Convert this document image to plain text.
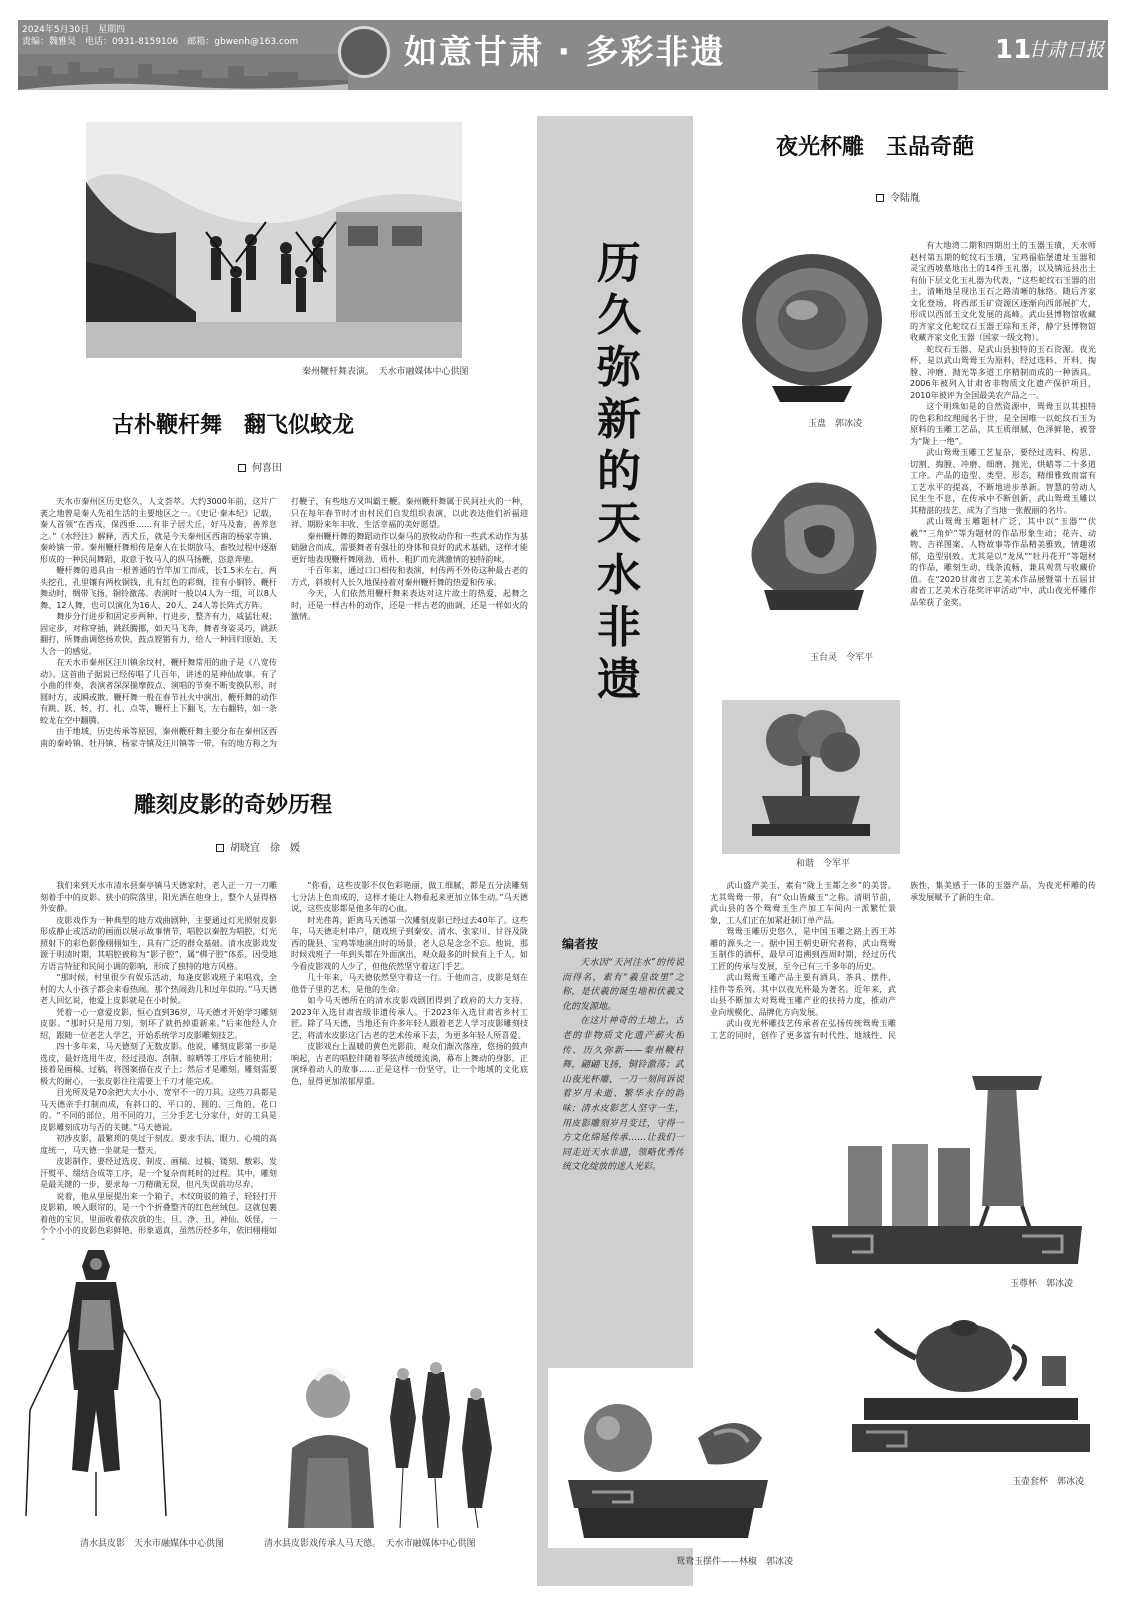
2024年5月30日　星期四
责编：魏雅昊　电话：0931-8159106　邮箱：gbwenh@163.com	如意甘肃 · 多彩非遗	11
甘肃日报
秦州鞭杆舞表演。　天水市融媒体中心供图
古朴鞭杆舞　翻飞似蛟龙
何喜田

天水市秦州区历史悠久，人文荟萃。大约3000年前，这片广袤之地曾是秦人先祖生活的主要地区之一。《史记·秦本纪》记载，秦人首领“在西戎，保西垂……有非子居犬丘，好马及畜，善养息之。”《水经注》解释，西犬丘，就是今天秦州区西南的杨家寺镇、秦岭镇一带。秦州鞭杆舞相传是秦人在长期放马、畜牧过程中逐渐形成的一种民间舞蹈，取意于牧马人的纵马扬鞭，恣意奔驰。

鞭杆舞的道具由一根普通的竹竿加工而成，长1.5米左右，两头挖孔，孔里镶有两枚铜钱，扎有红色的彩绸，挂有小铜铃。鞭杆舞动时，绸带飞扬，铜铃激荡。表演时一般以4人为一组，可以8人舞、12人舞，也可以演化为16人、20人、24人等长阵式方阵。

舞步分行进步和固定步两种。行进步，整齐有力，威猛壮观；固定步，对称穿插，跳跃腾挪，如天马飞奔，舞者身姿灵巧，跳跃翻打，所舞曲调悠扬欢快，鼓点铿锵有力，给人一种回归原始、天人合一的感觉。

在天水市秦州区汪川镇余坟村，鞭杆舞常用的曲子是《八宽传动》。这首曲子据说已经传唱了几百年，讲述的是神仙故事。有了小曲的伴奏，表演者深深揣摩鼓点、演唱的节奏不断变换队形，时圆时方，或瞬或散。鞭杆舞一般在春节社火中演出，鞭杆舞的动作有跳、跃、转、打、扎、点等，鞭杆上下翻飞，左右翻转，如一条蛟龙在空中翻腾。

由于地域、历史传承等原因，秦州鞭杆舞主要分布在秦州区西南的秦岭镇、牡丹镇、杨家寺镇及汪川镇等一带，有的地方称之为打鞭子，有些地方又叫霸王鞭。秦州鞭杆舞属于民间社火的一种，只在每年春节时才由村民们自发组织表演，以此表达他们祈福迎祥、期盼来年丰收、生活幸福的美好愿望。

秦州鞭杆舞的舞蹈动作以秦马的放牧动作和一些武术动作为基础融合而成，需要舞者有强壮的身体和良好的武术基础，这样才能更好地表现鞭杆舞刚劲、质朴、粗犷而充满激情的独特韵味。

千百年来，通过口口相传和表演，村传两不外传这种最古老的方式，斜坡村人长久地保持着对秦州鞭杆舞的热爱和传承。

今天，人们依然用鞭杆舞来表达对这片故土的热爱，起舞之时，还是一样古朴的动作，还是一样古老的曲调，还是一样如火的激情。

雕刻皮影的奇妙历程
胡晓宜　徐　媛

我们来到天水市清水县秦亭镇马天德家时，老人正一刀一刀雕刻着手中的皮影。狭小的院落里，阳光洒在他身上，整个人显得格外安静。

皮影戏作为一种典型的地方戏曲剧种，主要通过灯光照射皮影形成静止或活动的画面以展示故事情节，唱腔以秦腔为唱腔，灯光照射下的彩色影像栩栩如生，具有广泛的群众基础。清水皮影戏发源于明清时期，其唱腔被称为“影子腔”，属“梆子腔”体系，因受地方语言特征和民间小调的影响，形成了独特的地方风格。

“那时候，村里很少有娱乐活动，每逢皮影戏班子来唱戏，全村的大人小孩子都会来看热闹。那个热闹劲儿和过年似的。”马天德老人回忆说，他爱上皮影就是在小时候。

凭着一心一意爱皮影，恒心直到36岁，马天德才开始学习雕刻皮影。“那时只是用刀刻，刻坏了就扔掉重新来。”后来他经人介绍，跟随一位老艺人学艺，开始系统学习皮影雕刻技艺。

四十多年来，马天德刻了无数皮影。他说，雕刻皮影第一步是选皮，最好选用牛皮，经过浸泡、刮制、晾晒等工序后才能使用；接着是画稿、过稿，将图案描在皮子上；然后才是雕刻。雕刻需要极大的耐心，一张皮影往往需要上千刀才能完成。

目光所及是70余把大大小小、宽窄不一的刀具。这些刀具都是马天德亲手打制而成，有斜口的、平口的、圆的、三角的、花口的。“不同的部位，用不同的刀，三分手艺七分家什，好的工具是皮影雕刻成功与否的关键。”马天德说。

初涉皮影，最繁琐的莫过于刻皮。要求手法、眼力、心境的高度统一，马天德一坐就是一整天。

皮影制作，要经过选皮、制皮、画稿、过稿、镂刻、敷彩、发汗熨平、缀结合成等工序，是一个复杂而耗时的过程。其中，雕刻是最关键的一步，要求每一刀精确无误，但凡失误前功尽弃。

说着，他从里屋提出来一个箱子，木纹斑驳的箱子，轻轻打开皮影箱，映入眼帘的，是一个个折叠整齐的红色丝绒包。这就包裹着他的宝贝，里面收着依次放的生、旦、净、丑，神仙、妖怪，一个个小小的皮影色彩鲜艳、形象逼真，虽然历经多年，依旧栩栩如

“你看，这些皮影不仅色彩艳丽、做工细腻，都是五分法雕刻七分法上色而成的，这样才能让人物看起来更加立体生动。”马天德说，这些皮影都是他多年的心血。

时光荏苒，距离马天德第一次雕刻皮影已经过去40年了。这些年，马天德走村串户，随戏班子到秦安、清水、张家川、甘谷及陇西的陇县、宝鸡等地演出时的场景，老人总是念念不忘。他说，那时候戏班子一年到头都在外面演出，观众最多的时候有上千人，如今看皮影戏的人少了，但他依然坚守着这门手艺。

几十年来，马天德依然坚守着这一行。于他而言，皮影是刻在他骨子里的艺术，是他的生命。

如今马天德所在的清水皮影戏剧团得到了政府的大力支持，2023年入选甘肃省级非遗传承人。于2023年入选甘肃省乡村工匠。除了马天德，当地还有许多年轻人跟着老艺人学习皮影雕刻技艺，将清水皮影这门古老的艺术传承下去，为更多年轻人所喜爱。

皮影戏台上温暖的黄色光影前，观众们渐次落座，悠扬的鼓声响起，古老的唱腔伴随着琴弦声缓缓流淌，幕布上舞动的身影，正演绎着动人的故事……正是这样一份坚守，让一个地域的文化底色，显得更加浓郁厚重。

清水县皮影　天水市融媒体中心供图	清水县皮影戏传承人马天德。　天水市融媒体中心供图
历久弥新的天水非遗
编者按

天水因“天河注水”的传说而得名，素有“羲皇故里”之称，是伏羲的诞生地和伏羲文化的发源地。

在这片神奇的土地上，古老的非物质文化遗产薪火相传、历久弥新——秦州鞭杆舞，翩翩飞扬，铜铃激荡；武山夜光杯雕，一刀一刻间诉说着岁月未逝、繁华永存的韵味；清水皮影艺人坚守一生，用皮影雕刻岁月变迁，守得一方文化绵延传承……让我们一同走近天水非遗，领略优秀传统文化绽放的迷人光彩。

夜光杯雕　玉品奇葩
令陆胤
玉盘　郭冰凌
玉台灵　令军平
和谐　令军平

有大地湾二期和四期出土的玉器玉璜，天水师赵村第五期的蛇纹石玉璜，宝鸡福临堡遗址玉器和灵宝西坡墓地出土的14件玉礼器，以及镇远县出土有仙下层文化玉礼器为代表，“这些蛇纹石玉器的出土，清晰地呈现出玉石之路清晰的脉络。随后齐家文化登场，将西部玉矿资源区逐渐向西部展扩大，形成以西部玉文化发展的高峰。武山县博物馆收藏的齐家文化蛇纹石玉器王琮和玉斧，静宁县博物馆收藏齐家文化玉器（国家一级文物）。

蛇纹石玉器，是武山县独特的玉石资源。夜光杯，是以武山鸳鸯玉为原料，经过选料、开料、掏膛、冲磨、抛光等多道工序精制而成的一种酒具。2006年被列入甘肃省非物质文化遗产保护项目，2010年被评为全国最美农产品之一。

这个明珠如是的自然资源中，鸳鸯玉以其独特的色彩和纹理闻名于世，是全国唯一以蛇纹石玉为原料的玉雕工艺品，其玉质细腻、色泽鲜艳，被誉为“陇上一绝”。

武山鸳鸯玉雕工艺复杂，要经过选料、构思、切割、掏膛、冲磨、细磨、抛光、烘蜡等二十多道工序。产品的造型、类型、形态，精细雅致而富有工艺水平的提高，不断地进步革新。智慧的劳动人民生生不息，在传承中不断创新，武山鸳鸯玉雕以其精湛的技艺，成为了当地一张靓丽的名片。

武山鸳鸯玉雕题材广泛，其中以“玉器”“伏羲”“三角炉”等为题材的作品形象生动；花卉、动物、吉祥图案、人物故事等作品精美雅致，情趣浓郁，造型别致。尤其是以“龙凤”“牡丹花开”等题材的作品，雕刻生动，线条流畅，兼具观赏与收藏价值。在“2020甘肃省工艺美术作品展暨第十五届甘肃省工艺美术百花奖评审活动”中，武山夜光杯雕作品荣获了金奖。

武山盛产美玉，素有“陇上玉都之乡”的美誉。尤其鸳鸯一带，有“众山皆藏玉”之称。清明节前，武山县的各个鸳鸯玉生产加工车间内一派繁忙景象，工人们正在加紧赶制订单产品。

鸳鸯玉雕历史悠久，是中国玉雕之路上西王苏雕的源头之一。据中国王朝史研究者称，武山鸳鸯玉制作的酒杯，最早可追溯到西周时期，经过历代工匠的传承与发展，至今已有三千多年的历史。

武山鸳鸯玉雕产品主要有酒具、茶具、摆件、挂件等系列，其中以夜光杯最为著名。近年来，武山县不断加大对鸳鸯玉雕产业的扶持力度，推动产业向规模化、品牌化方向发展。

武山夜光杯雕技艺传承者在弘扬传统鸳鸯玉雕工艺的同时，创作了更多富有时代性、地域性、民族性，集美感于一体的玉器产品，为夜光杯雕的传承发展赋予了新的生命。

玉尊杯　郭冰凌
玉壶套杯　郭冰凌
鸳鸯玉摆件——林椒　郭冰凌
